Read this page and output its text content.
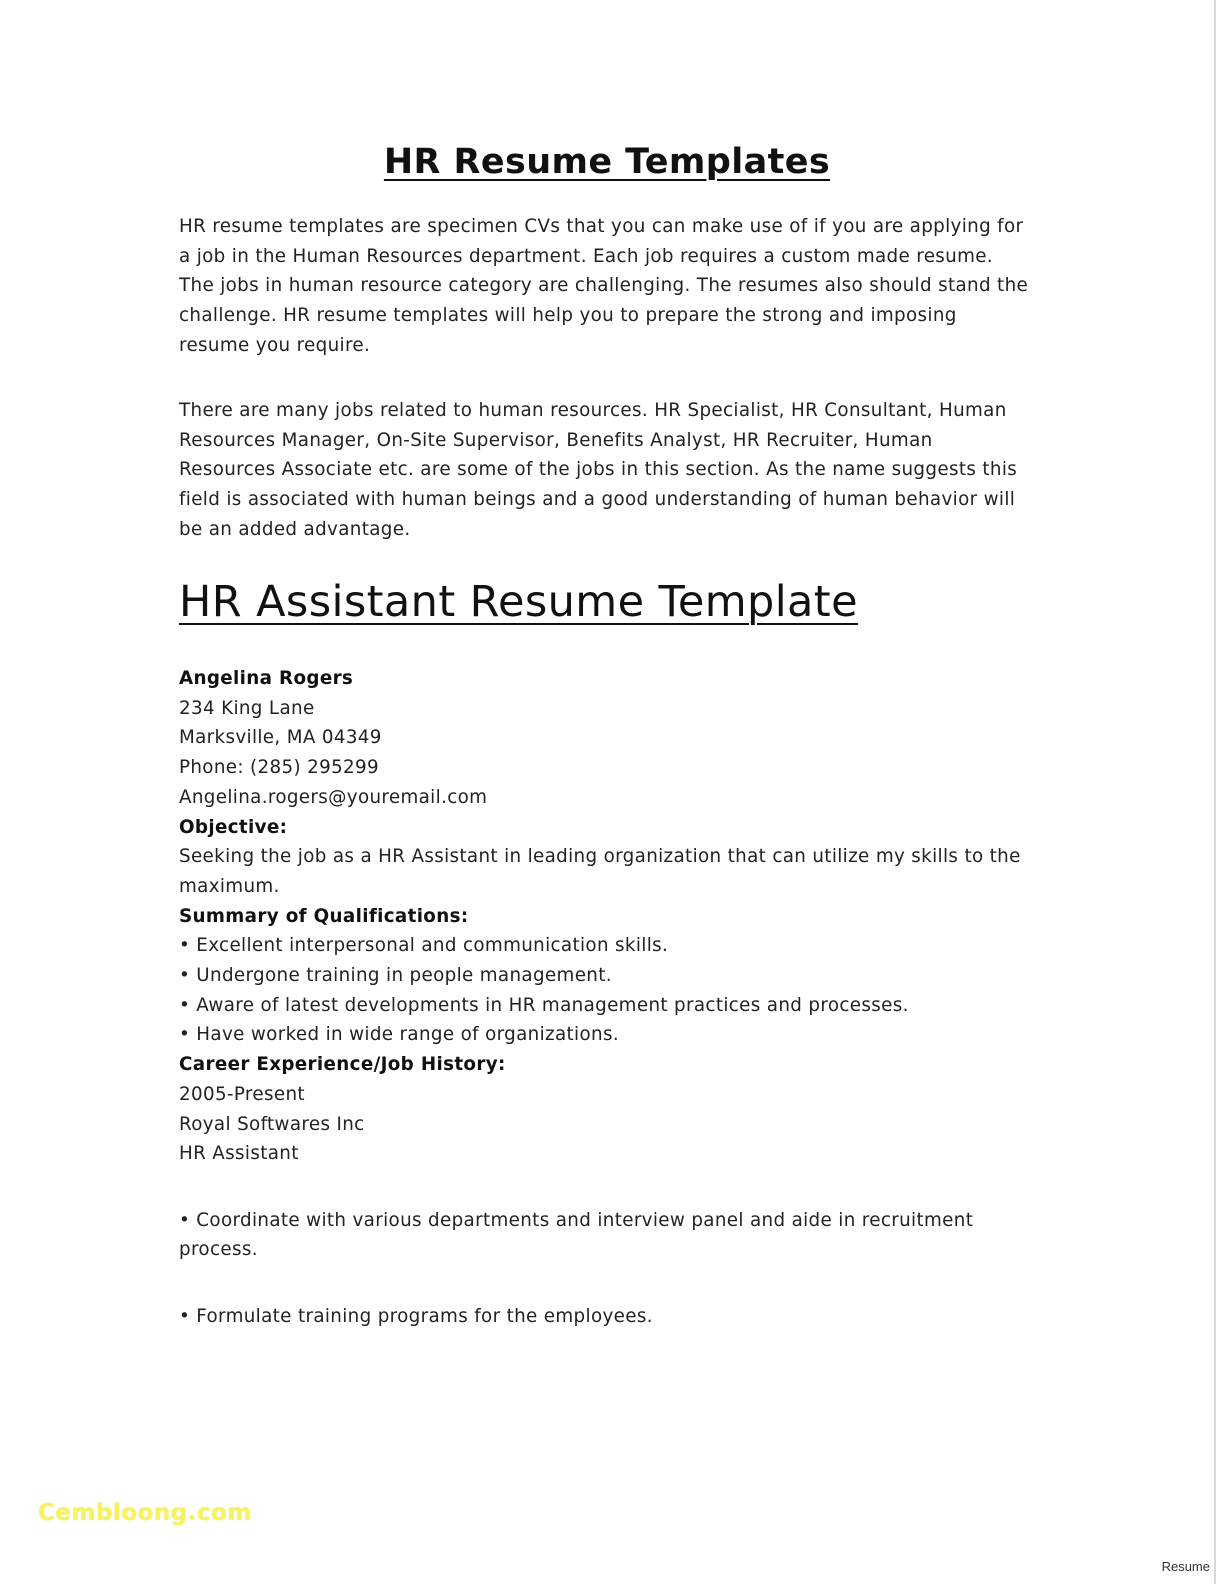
HR Resume Templates

HR resume templates are specimen CVs that you can make use of if you are applying for
a job in the Human Resources department. Each job requires a custom made resume.
The jobs in human resource category are challenging. The resumes also should stand the
challenge. HR resume templates will help you to prepare the strong and imposing
resume you require.

There are many jobs related to human resources. HR Specialist, HR Consultant, Human
Resources Manager, On-Site Supervisor, Benefits Analyst, HR Recruiter, Human
Resources Associate etc. are some of the jobs in this section. As the name suggests this
field is associated with human beings and a good understanding of human behavior will
be an added advantage.

HR Assistant Resume Template
Angelina Rogers
234 King Lane
Marksville, MA 04349
Phone: (285) 295299
Angelina.rogers@youremail.com
Objective:
Seeking the job as a HR Assistant in leading organization that can utilize my skills to the
maximum.
Summary of Qualifications:
• Excellent interpersonal and communication skills.
• Undergone training in people management.
• Aware of latest developments in HR management practices and processes.
• Have worked in wide range of organizations.
Career Experience/Job History:
2005-Present
Royal Softwares Inc
HR Assistant
• Coordinate with various departments and interview panel and aide in recruitment
process.
• Formulate training programs for the employees.
Cembloong.com
Resume
